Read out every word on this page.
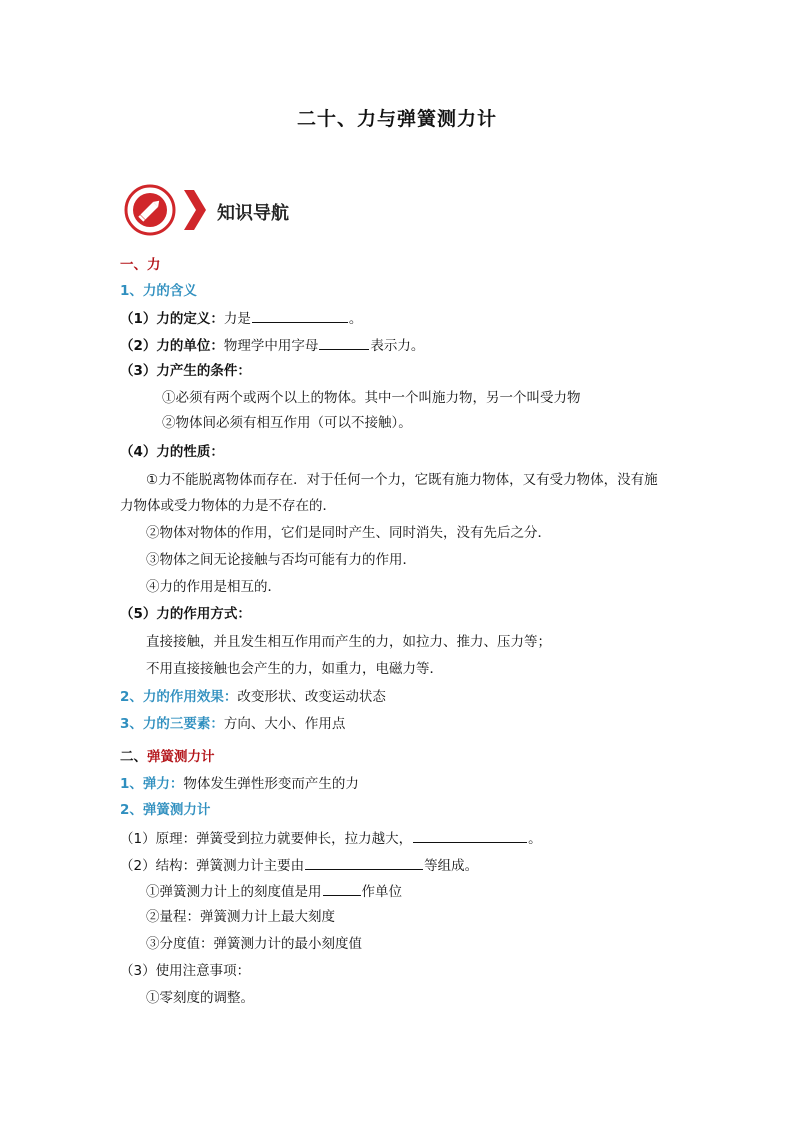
二十、力与弹簧测力计
知识导航
一、力
1、力的含义
（1）力的定义：力是	。
（2）力的单位：物理学中用字母	表示力。
（3）力产生的条件：
①必须有两个或两个以上的物体。其中一个叫施力物，另一个叫受力物
②物体间必须有相互作用（可以不接触）。
（4）力的性质：
①力不能脱离物体而存在．对于任何一个力，它既有施力物体，又有受力物体，没有施
力物体或受力物体的力是不存在的．
②物体对物体的作用，它们是同时产生、同时消失，没有先后之分．
③物体之间无论接触与否均可能有力的作用．
④力的作用是相互的．
（5）力的作用方式：
直接接触，并且发生相互作用而产生的力，如拉力、推力、压力等；
不用直接接触也会产生的力，如重力，电磁力等．
2、力的作用效果：改变形状、改变运动状态
3、力的三要素：方向、大小、作用点
二、弹簧测力计
1、弹力：物体发生弹性形变而产生的力
2、弹簧测力计
（1）原理：弹簧受到拉力就要伸长，拉力越大，	。
（2）结构：弹簧测力计主要由	等组成。
①弹簧测力计上的刻度值是用	作单位
②量程：弹簧测力计上最大刻度
③分度值：弹簧测力计的最小刻度值
（3）使用注意事项：
①零刻度的调整。
